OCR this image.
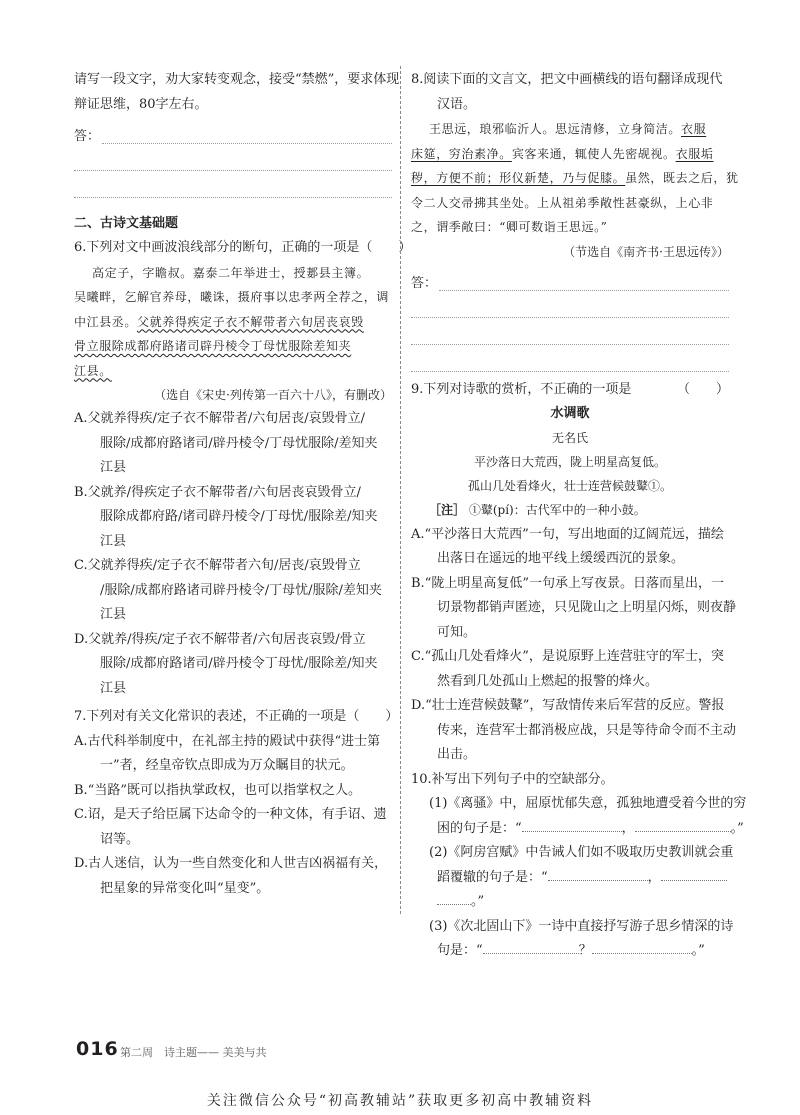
请写一段文字，劝大家转变观念，接受“禁燃”，要求体现
辩证思维，80字左右。
答：
二、古诗文基础题
6.下列对文中画波浪线部分的断句，正确的一项是（　　）
高定子，字瞻叔。嘉泰二年举进士，授郪县主簿。
吴曦畔，乞解官养母，曦诛，摄府事以忠孝两全荐之，调
中江县丞。父就养得疾定子衣不解带者六旬居丧哀毁
骨立服除成都府路诸司辟丹棱令丁母忧服除差知夹
江县。
（选自《宋史·列传第一百六十八》，有删改）
A.父就养得疾/定子衣不解带者/六旬居丧/哀毁骨立/
服除/成都府路诸司/辟丹棱令/丁母忧服除/差知夹
江县
B.父就养/得疾定子衣不解带者/六旬居丧哀毁骨立/
服除成都府路/诸司辟丹棱令/丁母忧/服除差/知夹
江县
C.父就养得疾/定子衣不解带者六旬/居丧/哀毁骨立
/服除/成都府路诸司辟丹棱令/丁母忧/服除/差知夹
江县
D.父就养/得疾/定子衣不解带者/六旬居丧哀毁/骨立
服除/成都府路诸司/辟丹棱令丁母忧/服除差/知夹
江县
7.下列对有关文化常识的表述，不正确的一项是（　　）
A.古代科举制度中，在礼部主持的殿试中获得“进士第
一”者，经皇帝钦点即成为万众瞩目的状元。
B.“当路”既可以指执掌政权，也可以指掌权之人。
C.诏，是天子给臣属下达命令的一种文体，有手诏、遗
诏等。
D.古人迷信，认为一些自然变化和人世吉凶祸福有关，
把星象的异常变化叫“星变”。
8.阅读下面的文言文，把文中画横线的语句翻译成现代
汉语。
王思远，琅邪临沂人。思远清修，立身简洁。衣服
床筵，穷治素净。宾客来通，辄使人先密觇视。衣服垢
秽，方便不前；形仪新楚，乃与促膝。虽然，既去之后，犹
令二人交帚拂其坐处。上从祖弟季敞性甚豪纵，上心非
之，谓季敞曰：“卿可数诣王思远。”
（节选自《南齐书·王思远传》）
答：
9.下列对诗歌的赏析，不正确的一项是	（　　）
水调歌
无名氏
平沙落日大荒西，陇上明星高复低。
孤山几处看烽火，壮士连营候鼓鼙①。
［注］ ①鼙(pí)：古代军中的一种小鼓。
A.“平沙落日大荒西”一句，写出地面的辽阔荒远，描绘
出落日在遥远的地平线上缓缓西沉的景象。
B.“陇上明星高复低”一句承上写夜景。日落而星出，一
切景物都销声匿迹，只见陇山之上明星闪烁，则夜静
可知。
C.“孤山几处看烽火”，是说原野上连营驻守的军士，突
然看到几处孤山上燃起的报警的烽火。
D.“壮士连营候鼓鼙”，写敌情传来后军营的反应。警报
传来，连营军士都消极应战，只是等待命令而不主动
出击。
10.补写出下列句子中的空缺部分。
(1)《离骚》中，屈原忧郁失意，孤独地遭受着今世的穷
困的句子是：“	，	。”
(2)《阿房宫赋》中告诫人们如不吸取历史教训就会重
蹈覆辙的句子是：“	，
。”
(3)《次北固山下》一诗中直接抒写游子思乡情深的诗
句是：“	？	。”
016 第二周　诗主题—— 美美与共
关注微信公众号“初高教辅站”获取更多初高中教辅资料
